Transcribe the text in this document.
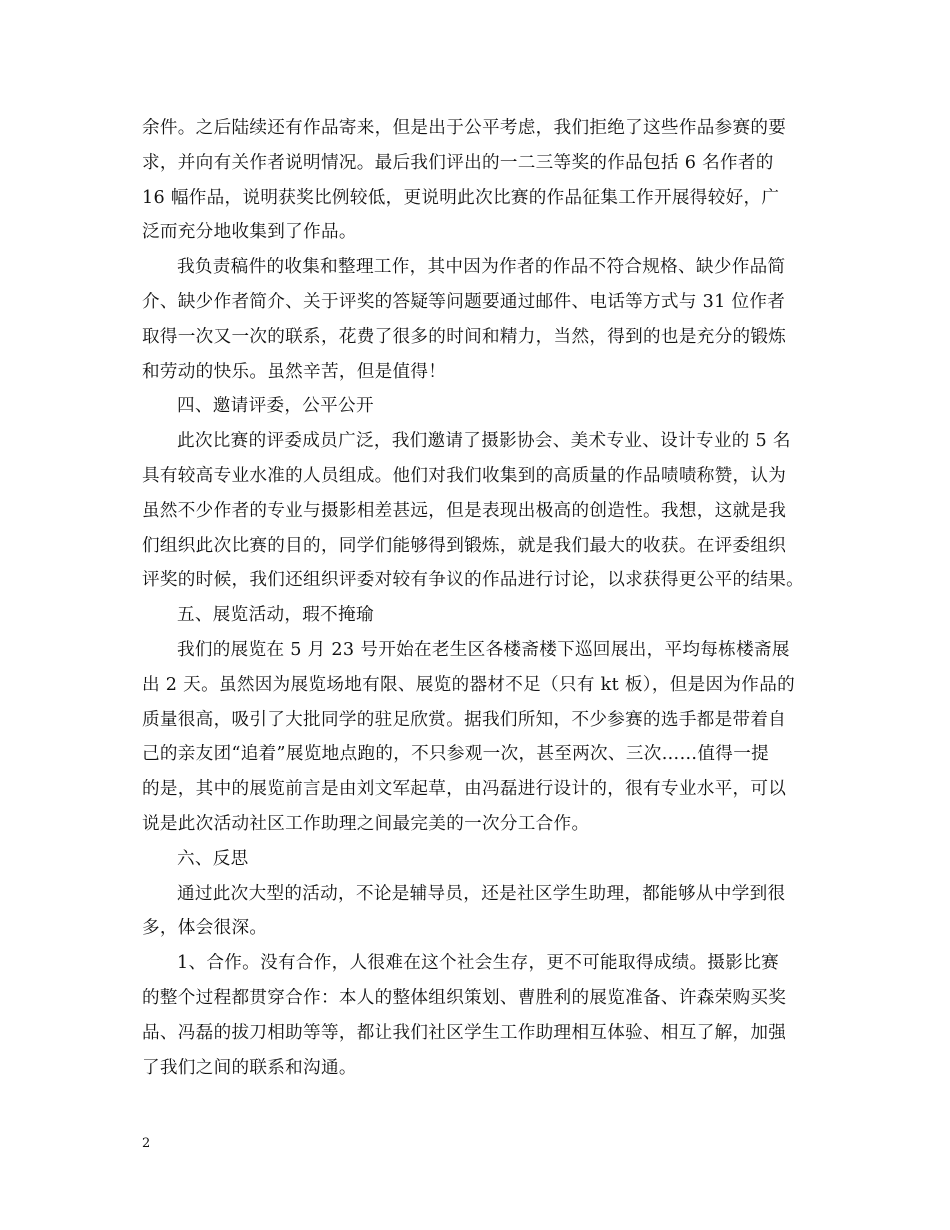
余件。之后陆续还有作品寄来，但是出于公平考虑，我们拒绝了这些作品参赛的要
求，并向有关作者说明情况。最后我们评出的一二三等奖的作品包括 6 名作者的
16 幅作品，说明获奖比例较低，更说明此次比赛的作品征集工作开展得较好，广
泛而充分地收集到了作品。
我负责稿件的收集和整理工作，其中因为作者的作品不符合规格、缺少作品简
介、缺少作者简介、关于评奖的答疑等问题要通过邮件、电话等方式与 31 位作者
取得一次又一次的联系，花费了很多的时间和精力，当然，得到的也是充分的锻炼
和劳动的快乐。虽然辛苦，但是值得！
四、邀请评委，公平公开
此次比赛的评委成员广泛，我们邀请了摄影协会、美术专业、设计专业的 5 名
具有较高专业水准的人员组成。他们对我们收集到的高质量的作品啧啧称赞，认为
虽然不少作者的专业与摄影相差甚远，但是表现出极高的创造性。我想，这就是我
们组织此次比赛的目的，同学们能够得到锻炼，就是我们最大的收获。在评委组织
评奖的时候，我们还组织评委对较有争议的作品进行讨论，以求获得更公平的结果。
五、展览活动，瑕不掩瑜
我们的展览在 5 月 23 号开始在老生区各楼斋楼下巡回展出，平均每栋楼斋展
出 2 天。虽然因为展览场地有限、展览的器材不足（只有 kt 板），但是因为作品的
质量很高，吸引了大批同学的驻足欣赏。据我们所知，不少参赛的选手都是带着自
己的亲友团“追着”展览地点跑的，不只参观一次，甚至两次、三次……值得一提
的是，其中的展览前言是由刘文军起草，由冯磊进行设计的，很有专业水平，可以
说是此次活动社区工作助理之间最完美的一次分工合作。
六、反思
通过此次大型的活动，不论是辅导员，还是社区学生助理，都能够从中学到很
多，体会很深。
1、合作。没有合作，人很难在这个社会生存，更不可能取得成绩。摄影比赛
的整个过程都贯穿合作：本人的整体组织策划、曹胜利的展览准备、许森荣购买奖
品、冯磊的拔刀相助等等，都让我们社区学生工作助理相互体验、相互了解，加强
了我们之间的联系和沟通。
2
